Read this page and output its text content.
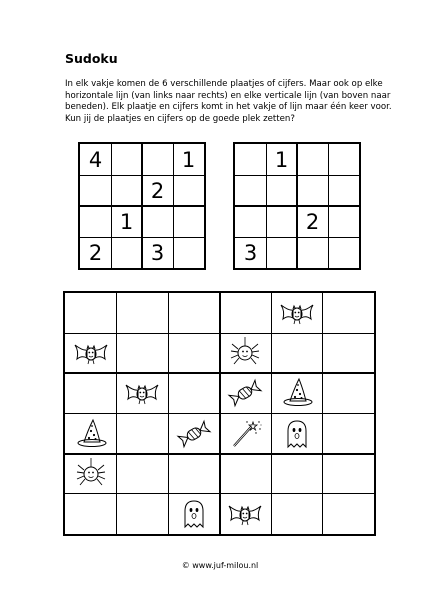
Sudoku

In elk vakje komen de 6 verschillende plaatjes of cijfers. Maar ook op elke horizontale lijn (van links naar rechts) en elke verticale lijn (van boven naar beneden). Elk plaatje en cijfers komt in het vakje of lijn maar één keer voor. Kun jij de plaatjes en cijfers op de goede plek zetten?

4	1
2
1
2	3
1
2
3
© www.juf-milou.nl
